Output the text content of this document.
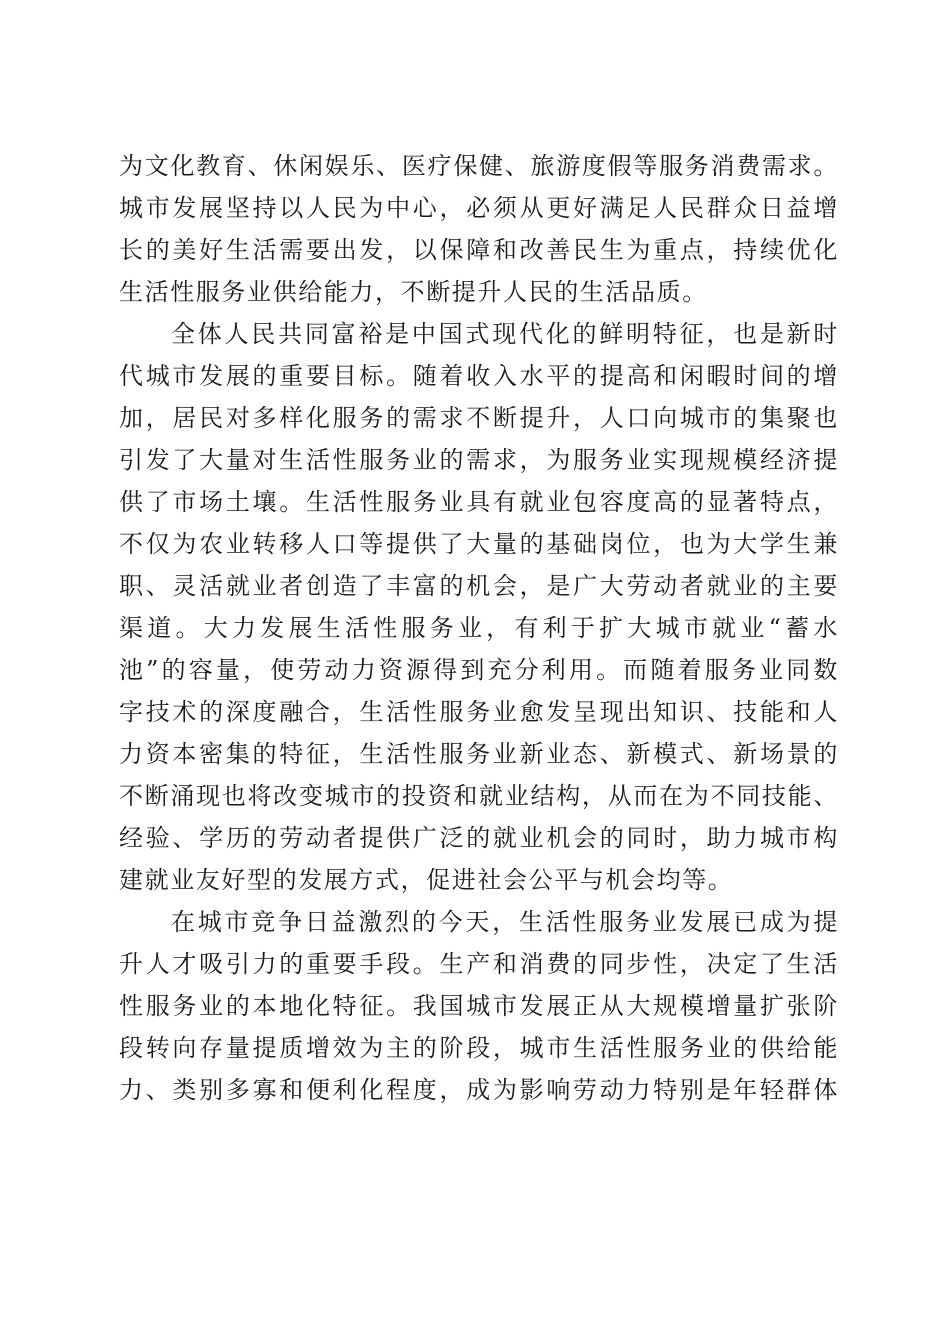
为文化教育、休闲娱乐、医疗保健、旅游度假等服务消费需求。
城市发展坚持以人民为中心，必须从更好满足人民群众日益增
长的美好生活需要出发，以保障和改善民生为重点，持续优化
生活性服务业供给能力，不断提升人民的生活品质。
全体人民共同富裕是中国式现代化的鲜明特征，也是新时
代城市发展的重要目标。随着收入水平的提高和闲暇时间的增
加，居民对多样化服务的需求不断提升，人口向城市的集聚也
引发了大量对生活性服务业的需求，为服务业实现规模经济提
供了市场土壤。生活性服务业具有就业包容度高的显著特点，
不仅为农业转移人口等提供了大量的基础岗位，也为大学生兼
职、灵活就业者创造了丰富的机会，是广大劳动者就业的主要
渠道。大力发展生活性服务业，有利于扩大城市就业“蓄水
池”的容量，使劳动力资源得到充分利用。而随着服务业同数
字技术的深度融合，生活性服务业愈发呈现出知识、技能和人
力资本密集的特征，生活性服务业新业态、新模式、新场景的
不断涌现也将改变城市的投资和就业结构，从而在为不同技能、
经验、学历的劳动者提供广泛的就业机会的同时，助力城市构
建就业友好型的发展方式，促进社会公平与机会均等。
在城市竞争日益激烈的今天，生活性服务业发展已成为提
升人才吸引力的重要手段。生产和消费的同步性，决定了生活
性服务业的本地化特征。我国城市发展正从大规模增量扩张阶
段转向存量提质增效为主的阶段，城市生活性服务业的供给能
力、类别多寡和便利化程度，成为影响劳动力特别是年轻群体
